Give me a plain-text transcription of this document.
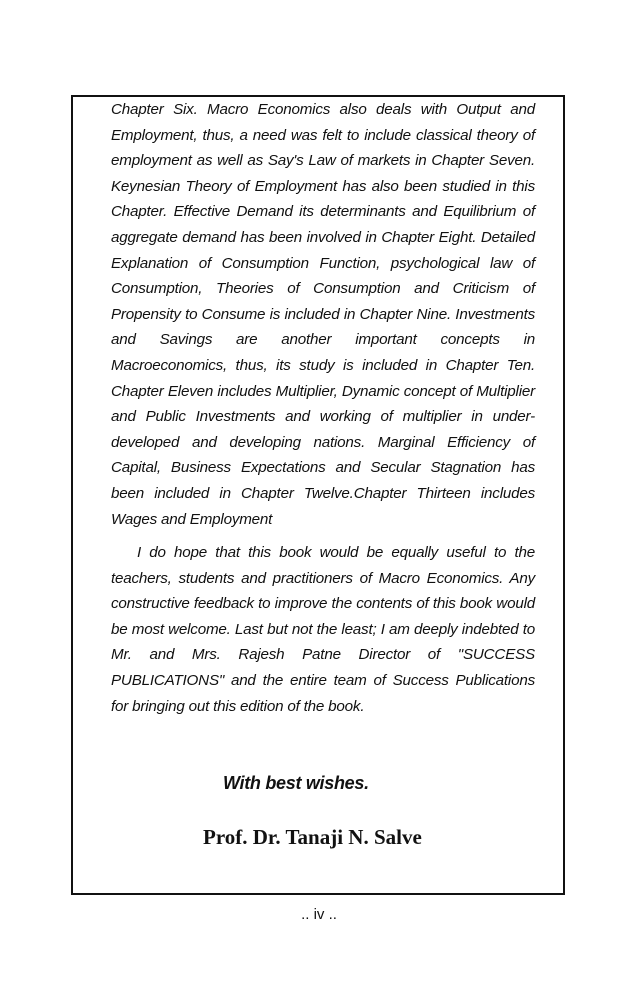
Chapter Six. Macro Economics also deals with Output and Employment, thus, a need was felt to include classical theory of employment as well as Say's Law of markets in Chapter Seven. Keynesian Theory of Employment has also been studied in this Chapter. Effective Demand its determinants and Equilibrium of aggregate demand has been involved in Chapter Eight. Detailed Explanation of Consumption Function, psychological law of Consumption, Theories of Consumption and Criticism of Propensity to Consume is included in Chapter Nine. Investments and Savings are another important concepts in Macroeconomics, thus, its study is included in Chapter Ten. Chapter Eleven includes Multiplier, Dynamic concept of Multiplier and Public Investments and working of multiplier in under-developed and developing nations. Marginal Efficiency of Capital, Business Expectations and Secular Stagnation has been included in Chapter Twelve.Chapter Thirteen includes Wages and Employment

I do hope that this book would be equally useful to the teachers, students and practitioners of Macro Economics. Any constructive feedback to improve the contents of this book would be most welcome. Last but not the least; I am deeply indebted to Mr. and Mrs. Rajesh Patne Director of "SUCCESS PUBLICATIONS" and the entire team of Success Publications for bringing out this edition of the book.

With best wishes.
Prof. Dr. Tanaji N. Salve
.. iv ..
